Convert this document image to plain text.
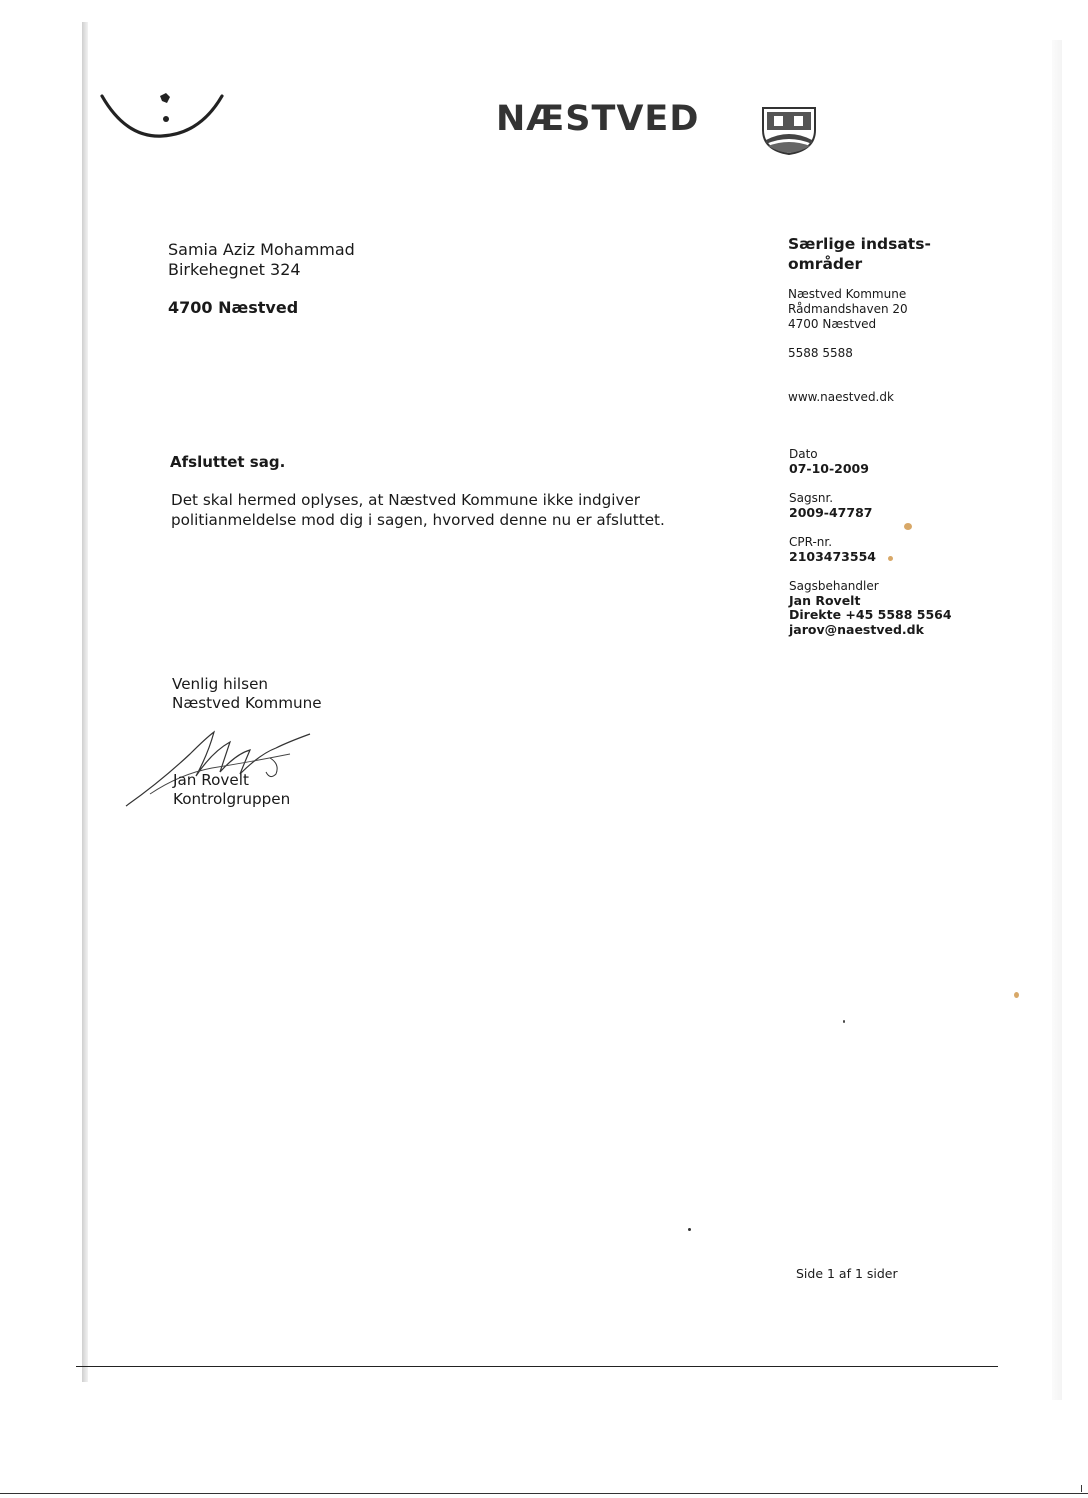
NÆSTVED
Samia Aziz Mohammad
Birkehegnet 324
4700 Næstved
Særlige indsats-
områder
Næstved Kommune
Rådmandshaven 20
4700 Næstved
5588 5588
www.naestved.dk
Dato
07-10-2009
Sagsnr.
2009-47787
CPR-nr.
2103473554
Sagsbehandler
Jan Rovelt
Direkte +45 5588 5564
jarov@naestved.dk
Afsluttet sag.
Det skal hermed oplyses, at Næstved Kommune ikke indgiver
politianmeldelse mod dig i sagen, hvorved denne nu er afsluttet.
Venlig hilsen
Næstved Kommune
Jan Rovelt
Kontrolgruppen
Side 1 af 1 sider
I
